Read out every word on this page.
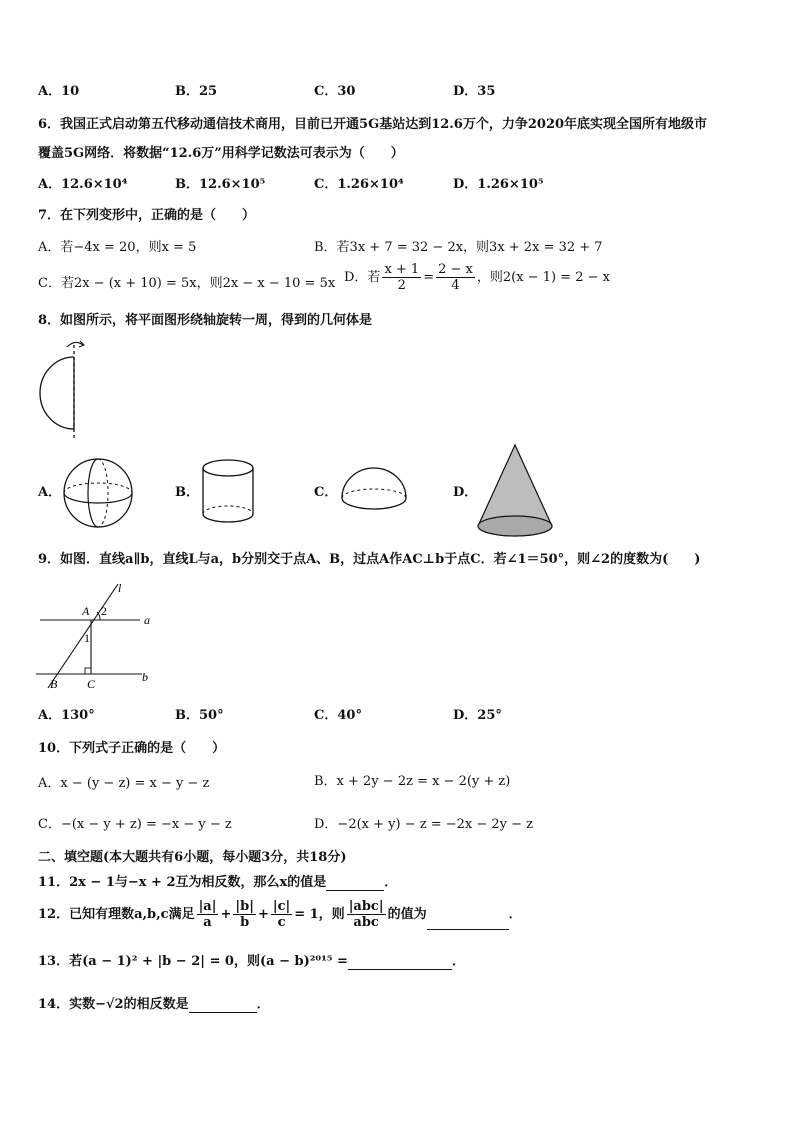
A．10	B．25	C．30	D．35
6．我国正式启动第五代移动通信技术商用，目前已开通5G基站达到12.6万个，力争2020年底实现全国所有地级市
覆盖5G网络．将数据“12.6万”用科学记数法可表示为（　　）
A．12.6×10⁴	B．12.6×10⁵	C．1.26×10⁴	D．1.26×10⁵
7．在下列变形中，正确的是（　　）
A．若−4x = 20，则x = 5	B．若3x + 7 = 32 − 2x，则3x + 2x = 32 + 7
C．若2x − (x + 10) = 5x，则2x − x − 10 = 5x D．若 $\frac{x + 1}{2} = \frac{2 - x}{4}$ ，则2(x − 1) = 2 − x
8．如图所示，将平面图形绕轴旋转一周，得到的几何体是
A．	B．	C．	D．
9．如图．直线a∥b，直线L与a，b分别交于点A、B，过点A作AC⊥b于点C．若∠1＝50°，则∠2的度数为(　　)
l
A 2
a
1
B C	b
A．130°	B．50°	C．40°	D．25°
10．下列式子正确的是（　　）
A．x − (y − z) = x − y − z	B．x + 2y − 2z = x − 2(y + z)
C．−(x − y + z) = −x − y − z	D．−2(x + y) − z = −2x − 2y − z
二、填空题(本大题共有6小题，每小题3分，共18分)
11．2x − 1与−x + 2互为相反数，那么x的值是	．
12．已知有理数a,b,c满足 $\frac{|a|}{a} + \frac{|b|}{b} + \frac{|c|}{c} = 1$，则 $\frac{\text{|abc|}}{\text{abc}}$ 的值为	．
13．若(a − 1)² + |b − 2| = 0，则(a − b)²⁰¹⁵ =	．
14．实数−√2的相反数是	．
